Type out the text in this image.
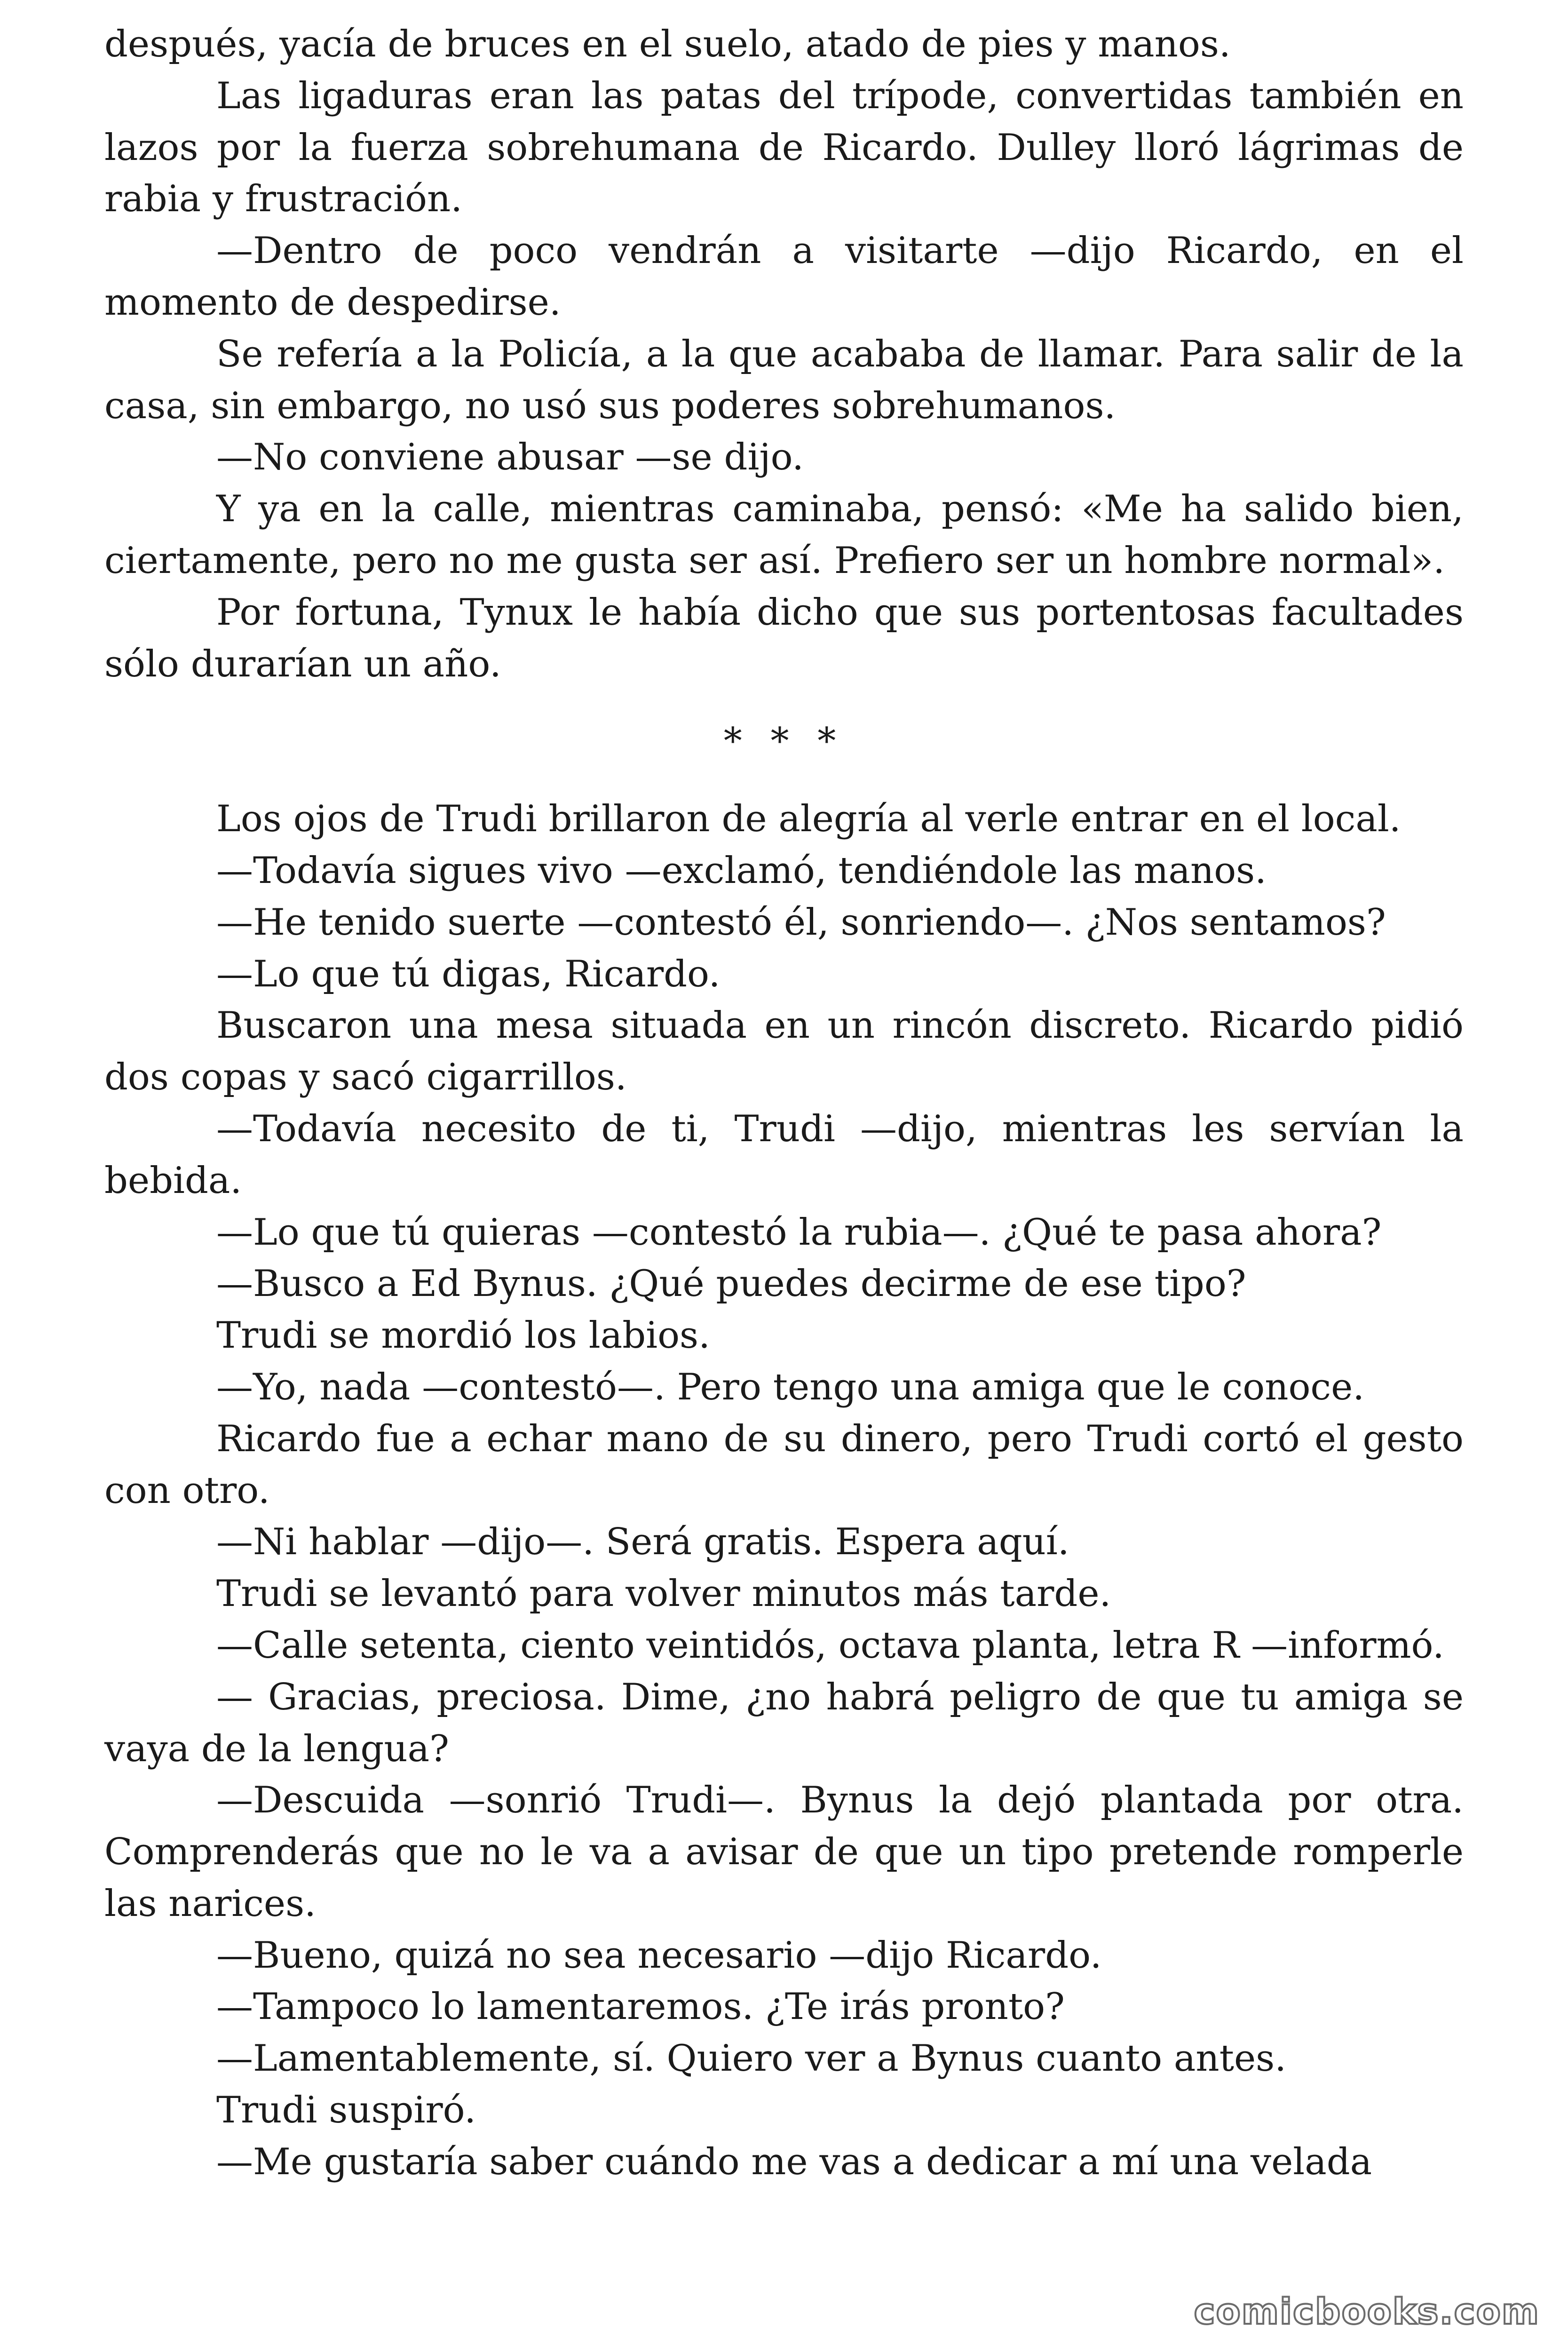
después, yacía de bruces en el suelo, atado de pies y manos.

Las ligaduras eran las patas del trípode, convertidas también en lazos por la fuerza sobrehumana de Ricardo. Dulley lloró lágrimas de rabia y frustración.

—Dentro de poco vendrán a visitarte —dijo Ricardo, en el momento de despedirse.

Se refería a la Policía, a la que acababa de llamar. Para salir de la casa, sin embargo, no usó sus poderes sobrehumanos.

—No conviene abusar —se dijo.

Y ya en la calle, mientras caminaba, pensó: «Me ha salido bien, ciertamente, pero no me gusta ser así. Prefiero ser un hombre normal».

Por fortuna, Tynux le había dicho que sus portentosas facultades sólo durarían un año.

* * *

Los ojos de Trudi brillaron de alegría al verle entrar en el local.

—Todavía sigues vivo —exclamó, tendiéndole las manos.

—He tenido suerte —contestó él, sonriendo—. ¿Nos sentamos?

—Lo que tú digas, Ricardo.

Buscaron una mesa situada en un rincón discreto. Ricardo pidió dos copas y sacó cigarrillos.

—Todavía necesito de ti, Trudi —dijo, mientras les servían la bebida.

—Lo que tú quieras —contestó la rubia—. ¿Qué te pasa ahora?

—Busco a Ed Bynus. ¿Qué puedes decirme de ese tipo?

Trudi se mordió los labios.

—Yo, nada —contestó—. Pero tengo una amiga que le conoce.

Ricardo fue a echar mano de su dinero, pero Trudi cortó el gesto con otro.

—Ni hablar —dijo—. Será gratis. Espera aquí.

Trudi se levantó para volver minutos más tarde.

—Calle setenta, ciento veintidós, octava planta, letra R —informó.

— Gracias, preciosa. Dime, ¿no habrá peligro de que tu amiga se vaya de la lengua?

—Descuida —sonrió Trudi—. Bynus la dejó plantada por otra. Comprenderás que no le va a avisar de que un tipo pretende romperle las narices.

—Bueno, quizá no sea necesario —dijo Ricardo.

—Tampoco lo lamentaremos. ¿Te irás pronto?

—Lamentablemente, sí. Quiero ver a Bynus cuanto antes.

Trudi suspiró.

—Me gustaría saber cuándo me vas a dedicar a mí una velada

comicbooks.com
